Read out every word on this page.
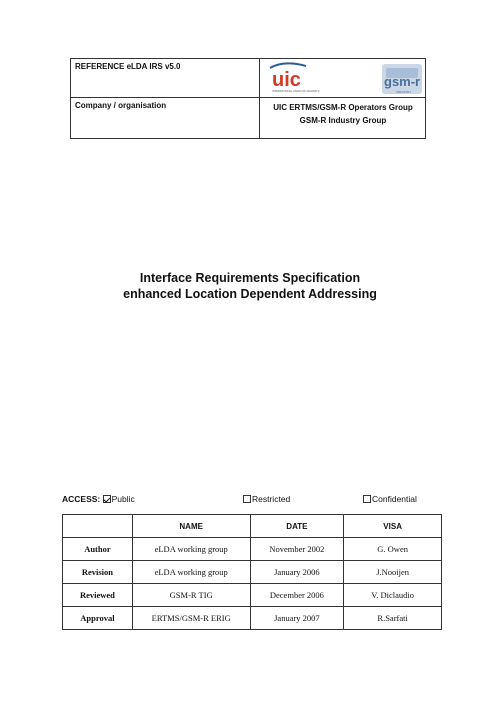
REFERENCE eLDA IRS v5.0
Company / organisation
uic
INTERNATIONAL UNION OF RAILWAYS
gsm-r
INDUSTRY
UIC ERTMS/GSM-R Operators Group
GSM-R Industry Group
Interface Requirements Specification
enhanced Location Dependent Addressing
ACCESS: Public	Restricted	Confidential
	NAME	DATE	VISA
Author	eLDA working group	November 2002	G. Owen
Revision	eLDA working group	January 2006	J.Nooijen
Reviewed	GSM-R TIG	December 2006	V. Diclaudio
Approval	ERTMS/GSM-R ERIG	January 2007	R.Sarfati
